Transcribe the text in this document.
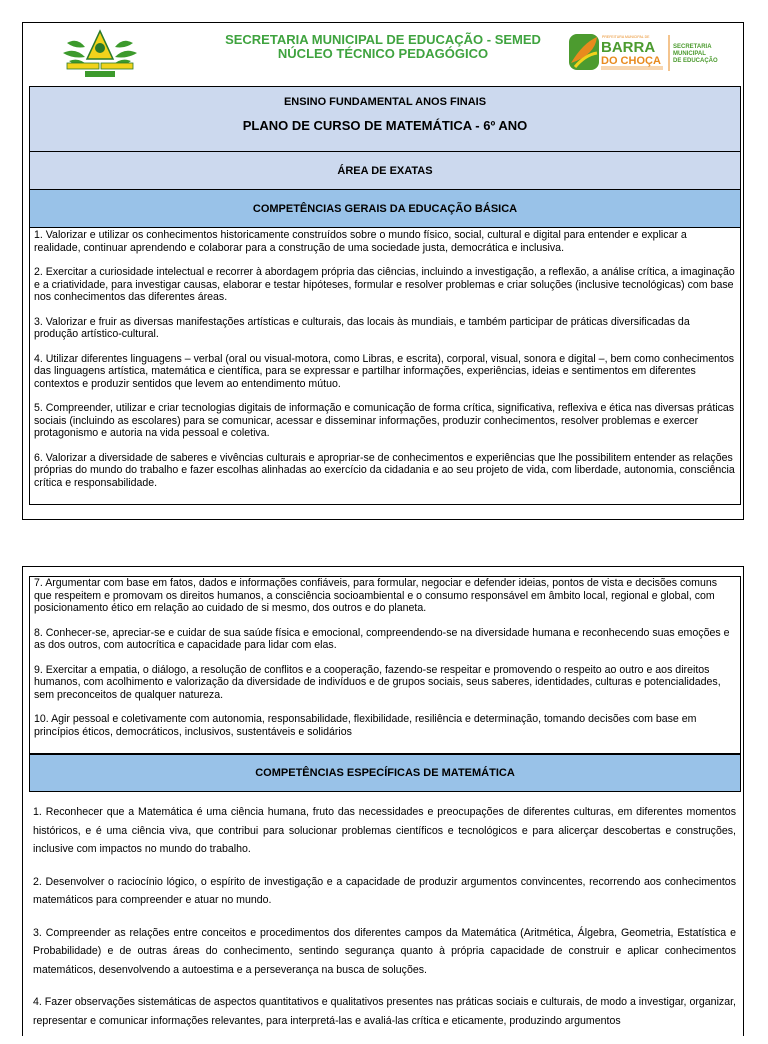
SECRETARIA MUNICIPAL DE EDUCAÇÃO - SEMED
NÚCLEO TÉCNICO PEDAGÓGICO
PREFEITURA MUNICIPAL DE
BARRA
DO CHOÇA
SECRETARIA
MUNICIPAL
DE EDUCAÇÃO
ENSINO FUNDAMENTAL ANOS FINAIS
PLANO DE CURSO DE MATEMÁTICA - 6º ANO
ÁREA DE EXATAS
COMPETÊNCIAS GERAIS DA EDUCAÇÃO BÁSICA

1. Valorizar e utilizar os conhecimentos historicamente construídos sobre o mundo físico, social, cultural e digital para entender e explicar a realidade, continuar aprendendo e colaborar para a construção de uma sociedade justa, democrática e inclusiva.

2. Exercitar a curiosidade intelectual e recorrer à abordagem própria das ciências, incluindo a investigação, a reflexão, a análise crítica, a imaginação e a criatividade, para investigar causas, elaborar e testar hipóteses, formular e resolver problemas e criar soluções (inclusive tecnológicas) com base nos conhecimentos das diferentes áreas.

3. Valorizar e fruir as diversas manifestações artísticas e culturais, das locais às mundiais, e também participar de práticas diversificadas da produção artístico-cultural.

4. Utilizar diferentes linguagens – verbal (oral ou visual-motora, como Libras, e escrita), corporal, visual, sonora e digital –, bem como conhecimentos das linguagens artística, matemática e científica, para se expressar e partilhar informações, experiências, ideias e sentimentos em diferentes contextos e produzir sentidos que levem ao entendimento mútuo.

5. Compreender, utilizar e criar tecnologias digitais de informação e comunicação de forma crítica, significativa, reflexiva e ética nas diversas práticas sociais (incluindo as escolares) para se comunicar, acessar e disseminar informações, produzir conhecimentos, resolver problemas e exercer protagonismo e autoria na vida pessoal e coletiva.

6. Valorizar a diversidade de saberes e vivências culturais e apropriar-se de conhecimentos e experiências que lhe possibilitem entender as relações próprias do mundo do trabalho e fazer escolhas alinhadas ao exercício da cidadania e ao seu projeto de vida, com liberdade, autonomia, consciência crítica e responsabilidade.

7. Argumentar com base em fatos, dados e informações confiáveis, para formular, negociar e defender ideias, pontos de vista e decisões comuns que respeitem e promovam os direitos humanos, a consciência socioambiental e o consumo responsável em âmbito local, regional e global, com posicionamento ético em relação ao cuidado de si mesmo, dos outros e do planeta.

8. Conhecer-se, apreciar-se e cuidar de sua saúde física e emocional, compreendendo-se na diversidade humana e reconhecendo suas emoções e as dos outros, com autocrítica e capacidade para lidar com elas.

9. Exercitar a empatia, o diálogo, a resolução de conflitos e a cooperação, fazendo-se respeitar e promovendo o respeito ao outro e aos direitos humanos, com acolhimento e valorização da diversidade de indivíduos e de grupos sociais, seus saberes, identidades, culturas e potencialidades, sem preconceitos de qualquer natureza.

10. Agir pessoal e coletivamente com autonomia, responsabilidade, flexibilidade, resiliência e determinação, tomando decisões com base em princípios éticos, democráticos, inclusivos, sustentáveis e solidários

COMPETÊNCIAS ESPECÍFICAS DE MATEMÁTICA

1. Reconhecer que a Matemática é uma ciência humana, fruto das necessidades e preocupações de diferentes culturas, em diferentes momentos históricos, e é uma ciência viva, que contribui para solucionar problemas científicos e tecnológicos e para alicerçar descobertas e construções, inclusive com impactos no mundo do trabalho.

2. Desenvolver o raciocínio lógico, o espírito de investigação e a capacidade de produzir argumentos convincentes, recorrendo aos conhecimentos matemáticos para compreender e atuar no mundo.

3. Compreender as relações entre conceitos e procedimentos dos diferentes campos da Matemática (Aritmética, Álgebra, Geometria, Estatística e Probabilidade) e de outras áreas do conhecimento, sentindo segurança quanto à própria capacidade de construir e aplicar conhecimentos matemáticos, desenvolvendo a autoestima e a perseverança na busca de soluções.

4. Fazer observações sistemáticas de aspectos quantitativos e qualitativos presentes nas práticas sociais e culturais, de modo a investigar, organizar, representar e comunicar informações relevantes, para interpretá-las e avaliá-las crítica e eticamente, produzindo argumentos
